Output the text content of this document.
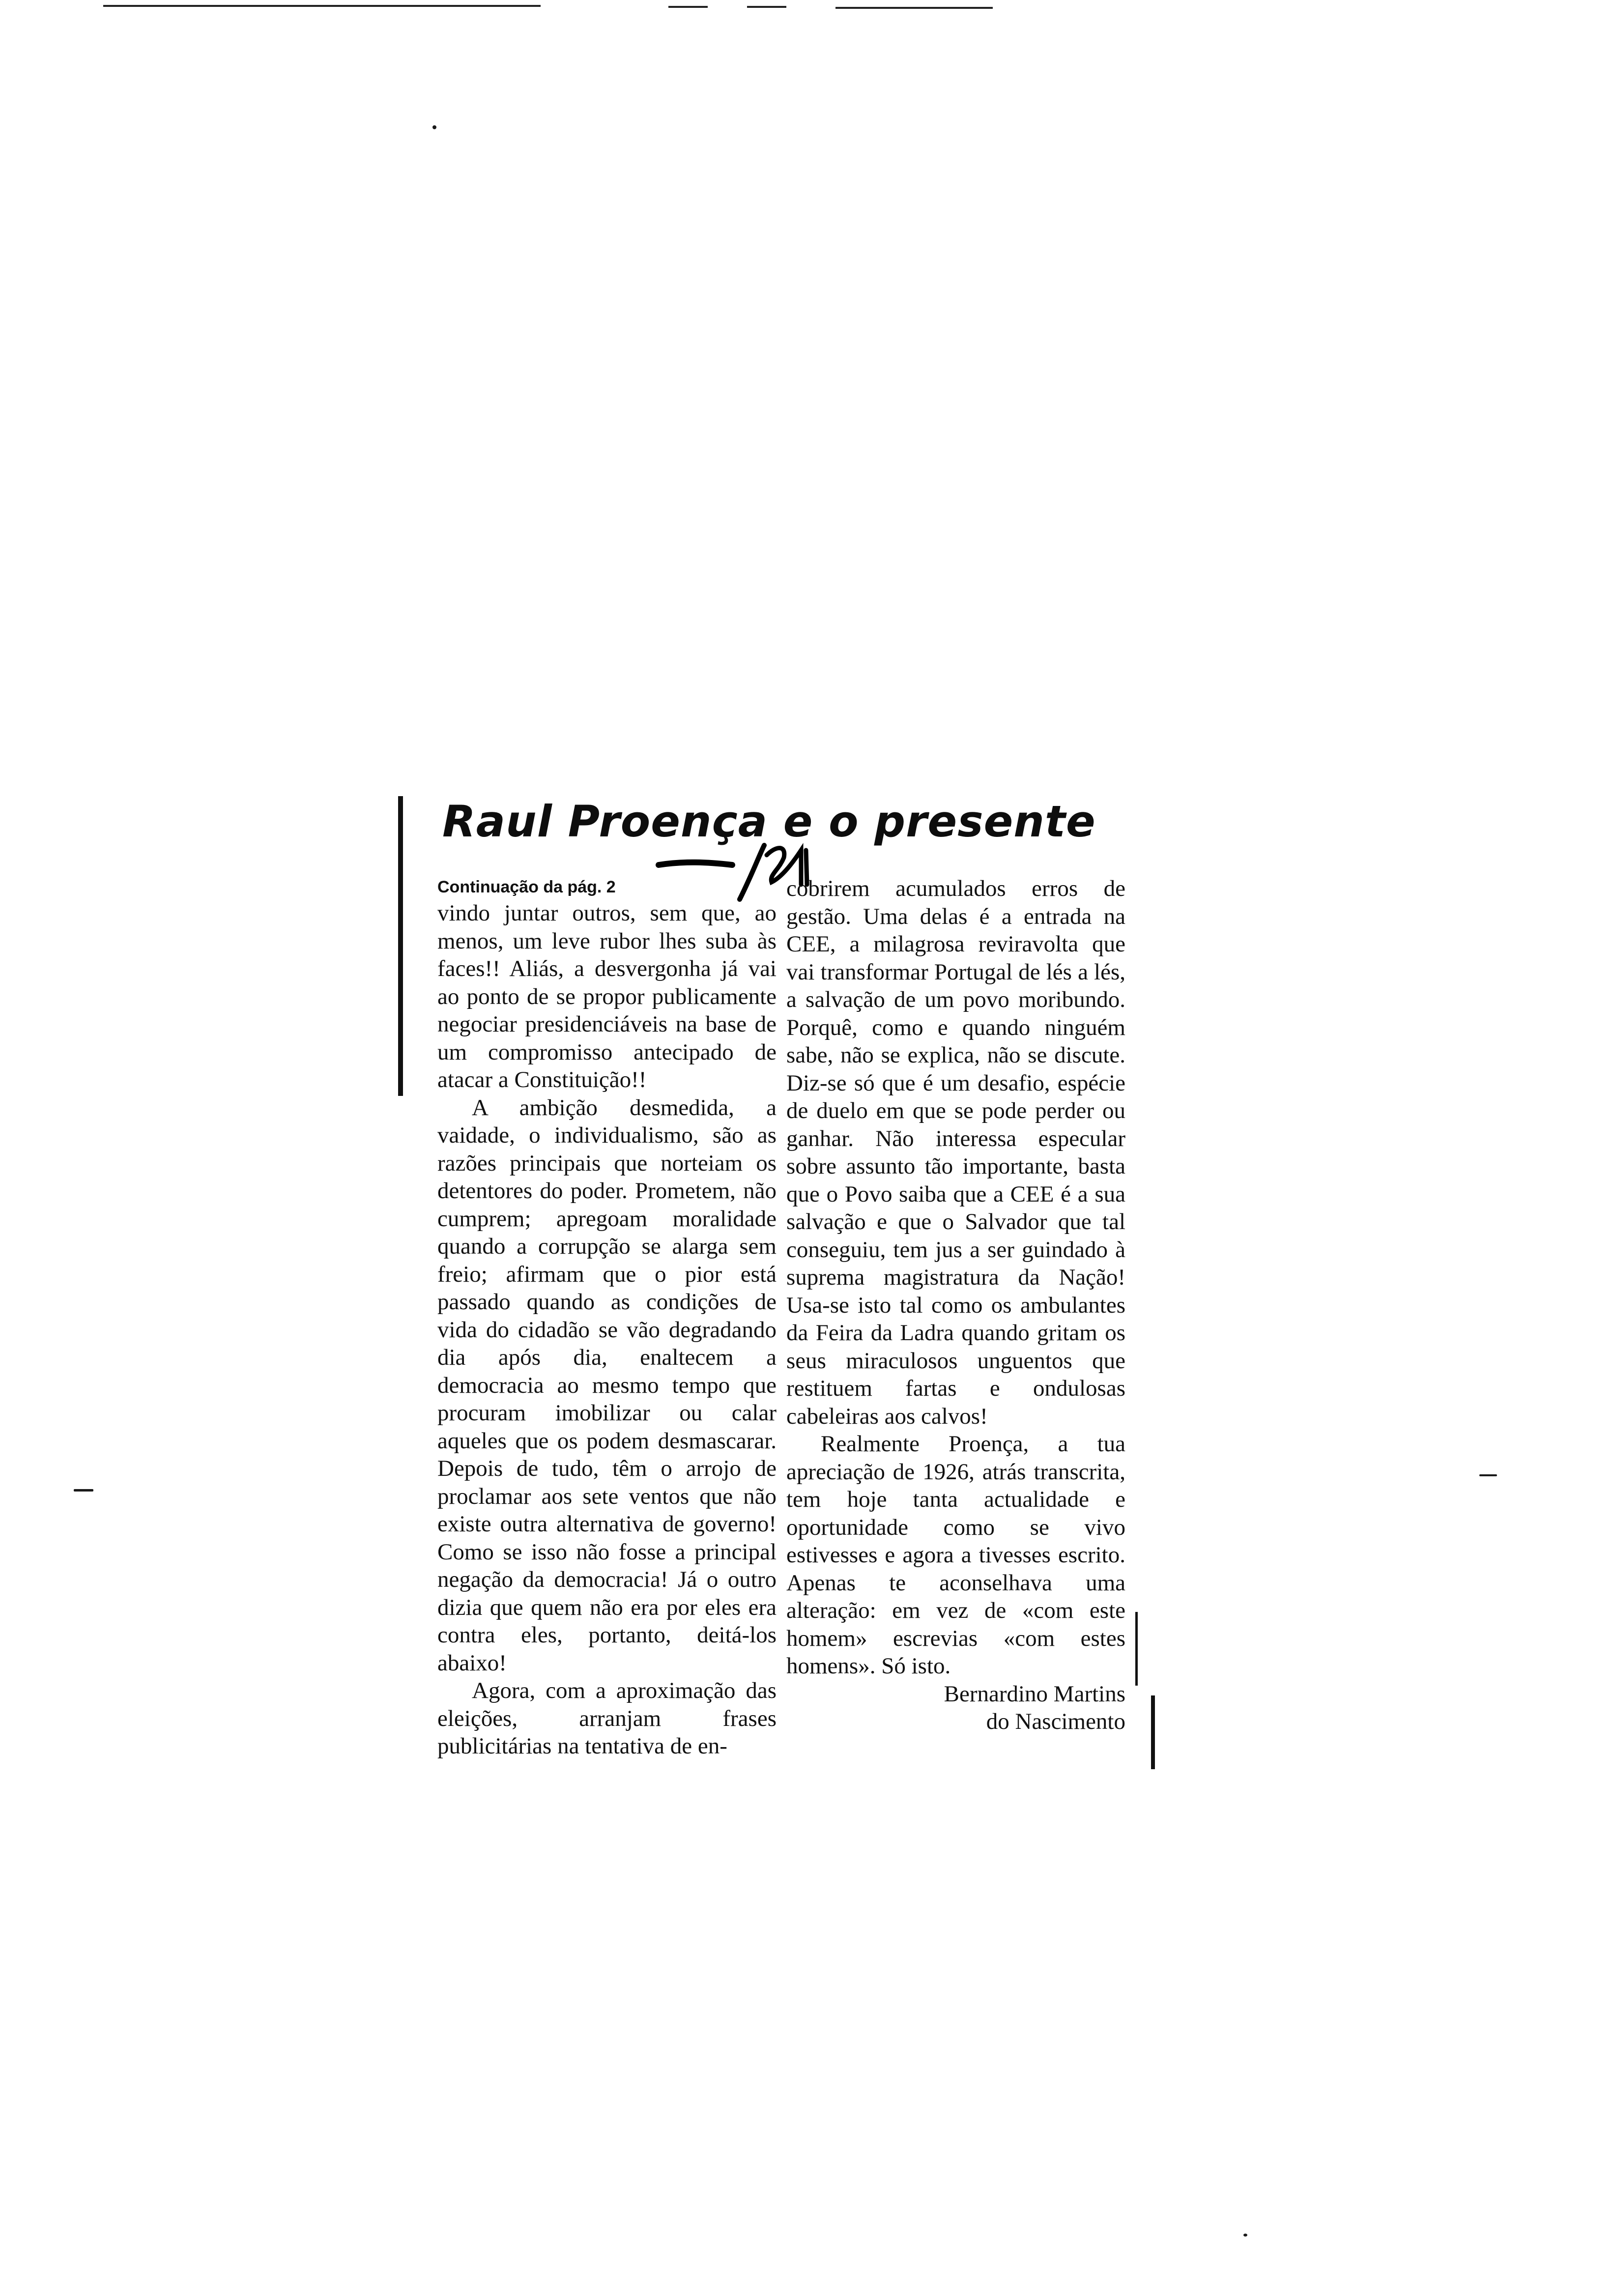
Raul Proença e o presente

Continuação da pág. 2
vindo juntar outros, sem que, ao menos, um leve rubor lhes suba às faces!! Aliás, a desvergonha já vai ao ponto de se propor publicamente negociar presidenciáveis na base de um compromisso antecipado de atacar a Constituição!!

A ambição desmedida, a vaidade, o individualismo, são as razões principais que norteiam os detentores do poder. Prometem, não cumprem; apregoam moralidade quando a corrupção se alarga sem freio; afirmam que o pior está passado quando as condições de vida do cidadão se vão degradando dia após dia, enaltecem a democracia ao mesmo tempo que procuram imobilizar ou calar aqueles que os podem desmascarar. Depois de tudo, têm o arrojo de proclamar aos sete ventos que não existe outra alternativa de governo! Como se isso não fosse a principal negação da democracia! Já o outro dizia que quem não era por eles era contra eles, portanto, deitá-los abaixo!

Agora, com a aproximação das eleições, arranjam frases publicitárias na tentativa de en-

cobrirem acumulados erros de gestão. Uma delas é a entrada na CEE, a milagrosa reviravolta que vai transformar Portugal de lés a lés, a salvação de um povo moribundo. Porquê, como e quando ninguém sabe, não se explica, não se discute. Diz-se só que é um desafio, espécie de duelo em que se pode perder ou ganhar. Não interessa especular sobre assunto tão importante, basta que o Povo saiba que a CEE é a sua salvação e que o Salvador que tal conseguiu, tem jus a ser guindado à suprema magistratura da Nação! Usa-se isto tal como os ambulantes da Feira da Ladra quando gritam os seus miraculosos unguentos que restituem fartas e ondulosas cabeleiras aos calvos!

Realmente Proença, a tua apreciação de 1926, atrás transcrita, tem hoje tanta actualidade e oportunidade como se vivo estivesses e agora a tivesses escrito. Apenas te aconselhava uma alteração: em vez de «com este homem» escrevias «com estes homens». Só isto.

Bernardino Martins
do Nascimento
